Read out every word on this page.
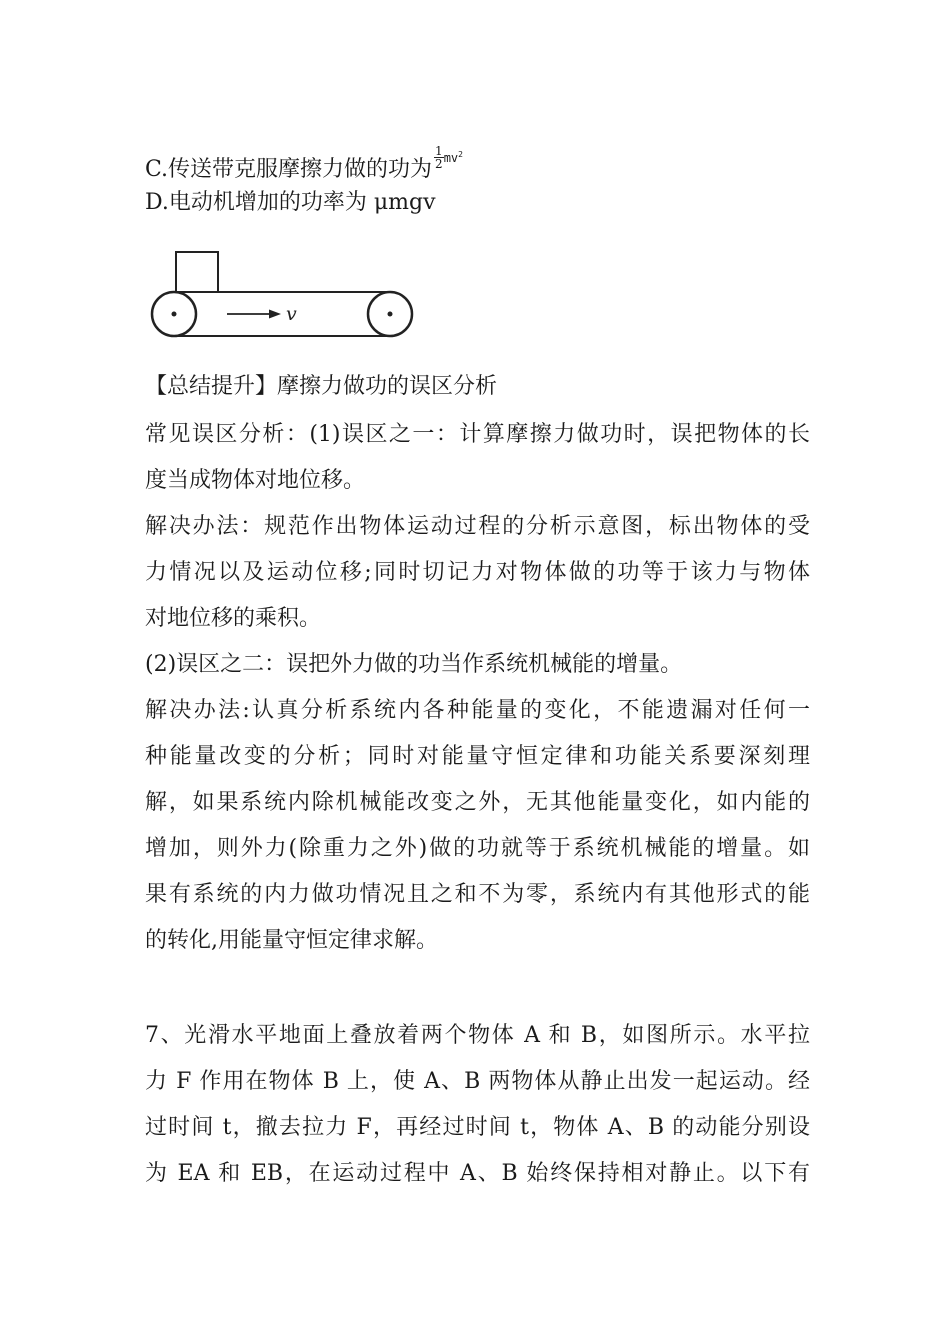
C.传送带克服摩擦力做的功为 $\frac{1}{2} ^{mv^2}$
D.电动机增加的功率为 μmgv
v
【总结提升】摩擦力做功的误区分析
常见误区分析：(1)误区之一：计算摩擦力做功时，误把物体的长
度当成物体对地位移。
解决办法：规范作出物体运动过程的分析示意图，标出物体的受
力情况以及运动位移;同时切记力对物体做的功等于该力与物体
对地位移的乘积。
(2)误区之二：误把外力做的功当作系统机械能的增量。
解决办法:认真分析系统内各种能量的变化，不能遗漏对任何一
种能量改变的分析；同时对能量守恒定律和功能关系要深刻理
解，如果系统内除机械能改变之外，无其他能量变化，如内能的
增加，则外力(除重力之外)做的功就等于系统机械能的增量。如
果有系统的内力做功情况且之和不为零，系统内有其他形式的能
的转化,用能量守恒定律求解。
7、光滑水平地面上叠放着两个物体 A 和 B，如图所示。水平拉
力 F 作用在物体 B 上，使 A、B 两物体从静止出发一起运动。经
过时间 t，撤去拉力 F，再经过时间 t，物体 A、B 的动能分别设
为 EA 和 EB，在运动过程中 A、B 始终保持相对静止。以下有
